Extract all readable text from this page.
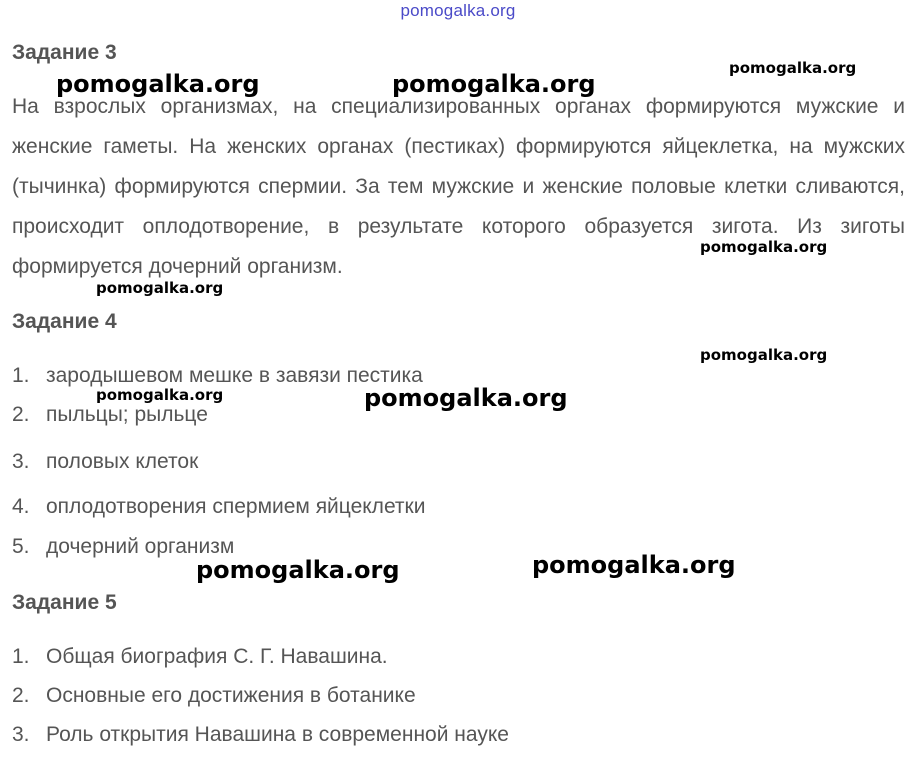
pomogalka.org
Задание 3

На взрослых организмах, на специализированных органах формируются мужские и женские гаметы. На женских органах (пестиках) формируются яйцеклетка, на мужских (тычинка) формируются спермии. За тем мужские и женские половые клетки сливаются, происходит оплодотворение, в результате которого образуется зигота. Из зиготы формируется дочерний организм.

Задание 4
1. зародышевом мешке в завязи пестика
2. пыльцы; рыльце
3. половых клеток
4. оплодотворения спермием яйцеклетки
5. дочерний организм
Задание 5
1. Общая биография С. Г. Навашина.
2. Основные его достижения в ботанике
3. Роль открытия Навашина в современной науке
pomogalka.org	pomogalka.org
pomogalka.org
pomogalka.org
pomogalka.org
pomogalka.org
pomogalka.org	pomogalka.org
pomogalka.org	pomogalka.org
